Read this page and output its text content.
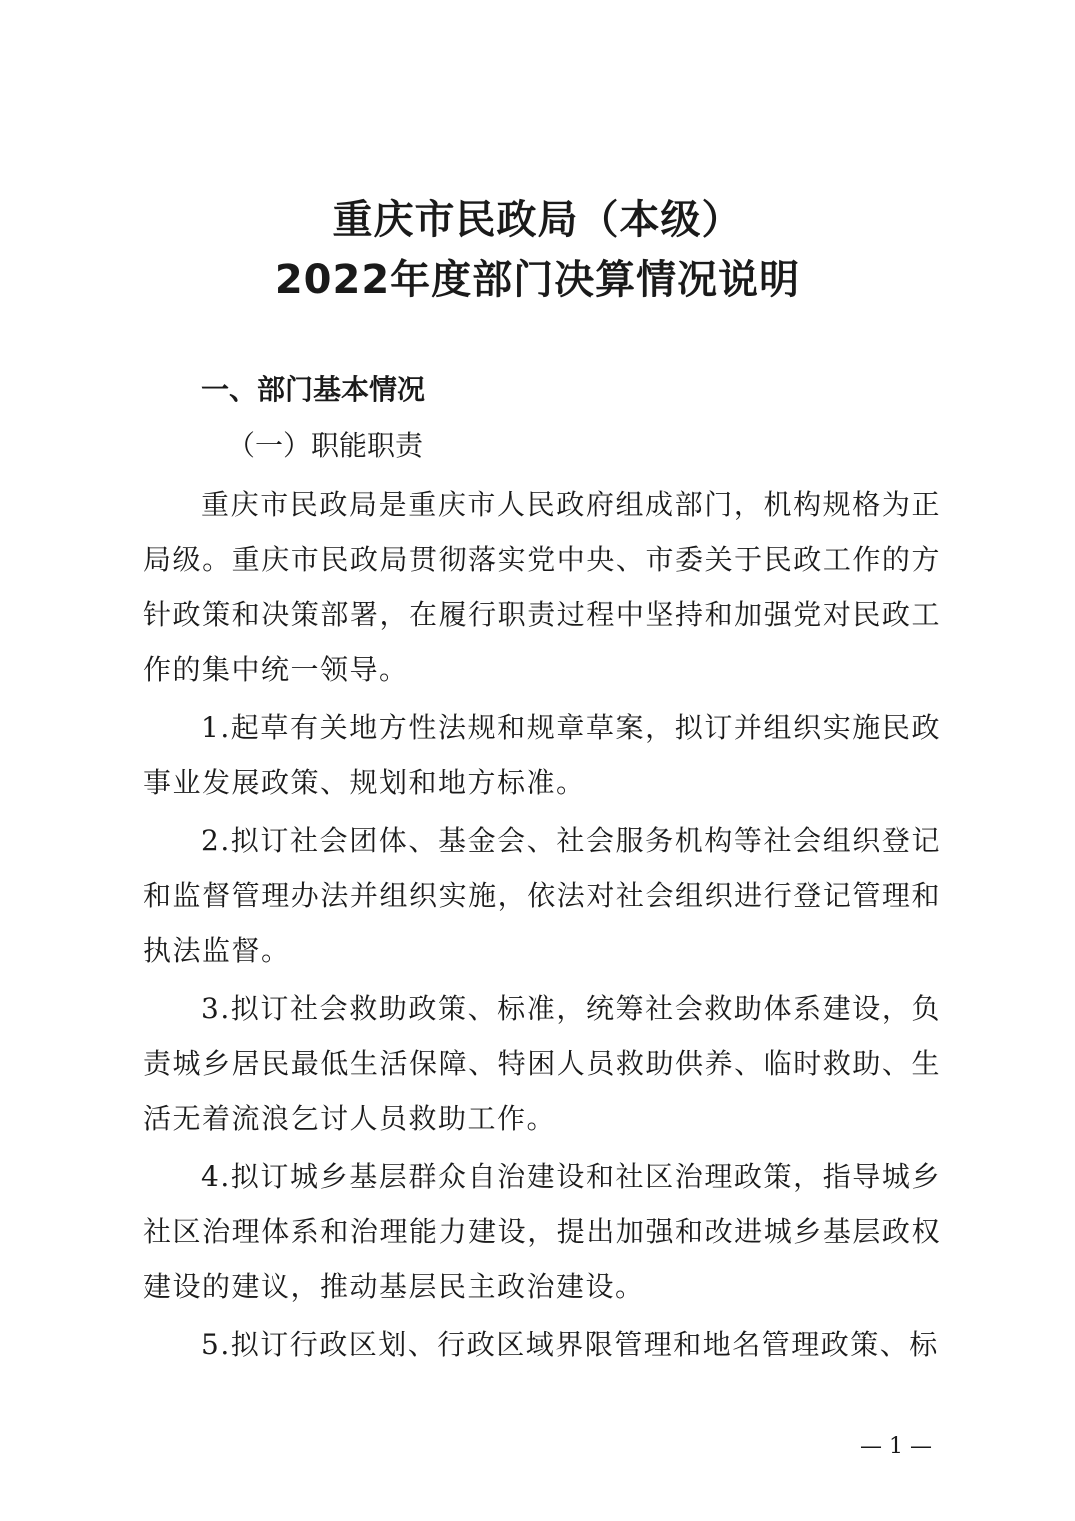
重庆市民政局（本级）
2022年度部门决算情况说明
一、部门基本情况
（一）职能职责

重庆市民政局是重庆市人民政府组成部门，机构规格为正局级。重庆市民政局贯彻落实党中央、市委关于民政工作的方针政策和决策部署，在履行职责过程中坚持和加强党对民政工作的集中统一领导。

1.起草有关地方性法规和规章草案，拟订并组织实施民政事业发展政策、规划和地方标准。

2.拟订社会团体、基金会、社会服务机构等社会组织登记和监督管理办法并组织实施，依法对社会组织进行登记管理和执法监督。

3.拟订社会救助政策、标准，统筹社会救助体系建设，负责城乡居民最低生活保障、特困人员救助供养、临时救助、生活无着流浪乞讨人员救助工作。

4.拟订城乡基层群众自治建设和社区治理政策，指导城乡社区治理体系和治理能力建设，提出加强和改进城乡基层政权建设的建议，推动基层民主政治建设。

5.拟订行政区划、行政区域界限管理和地名管理政策、标

— 1 —
